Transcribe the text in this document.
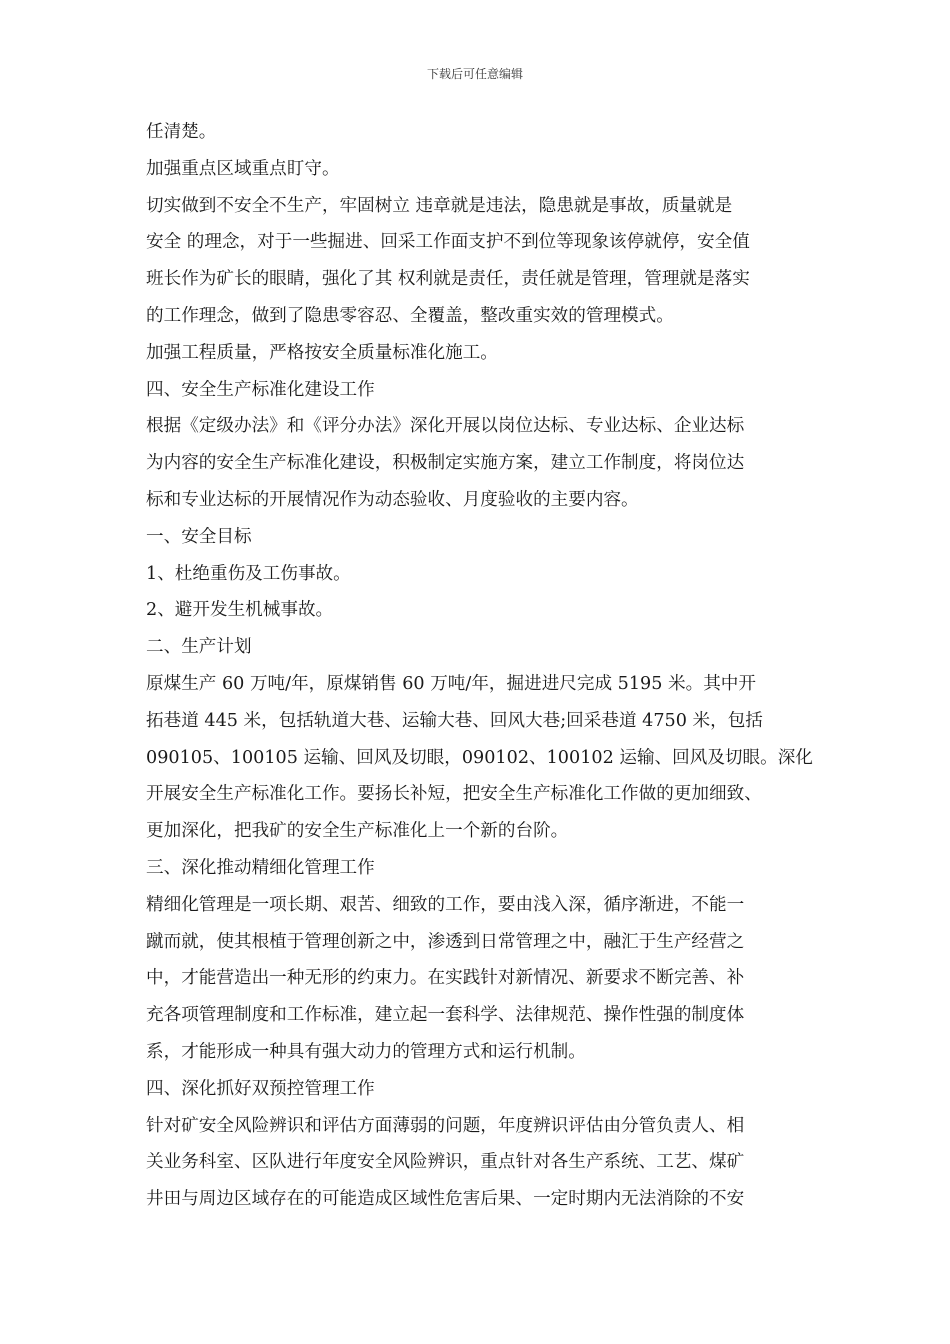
下载后可任意编辑
任清楚。
加强重点区域重点盯守。
切实做到不安全不生产，牢固树立 违章就是违法，隐患就是事故，质量就是
安全 的理念，对于一些掘进、回采工作面支护不到位等现象该停就停，安全值
班长作为矿长的眼睛，强化了其 权利就是责任，责任就是管理，管理就是落实
的工作理念，做到了隐患零容忍、全覆盖，整改重实效的管理模式。
加强工程质量，严格按安全质量标准化施工。
四、安全生产标准化建设工作
根据《定级办法》和《评分办法》深化开展以岗位达标、专业达标、企业达标
为内容的安全生产标准化建设，积极制定实施方案，建立工作制度，将岗位达
标和专业达标的开展情况作为动态验收、月度验收的主要内容。
一、安全目标
1、杜绝重伤及工伤事故。
2、避开发生机械事故。
二、生产计划
原煤生产 60 万吨/年，原煤销售 60 万吨/年，掘进进尺完成 5195 米。其中开
拓巷道 445 米，包括轨道大巷、运输大巷、回风大巷;回采巷道 4750 米，包括
090105、100105 运输、回风及切眼，090102、100102 运输、回风及切眼。深化
开展安全生产标准化工作。要扬长补短，把安全生产标准化工作做的更加细致、
更加深化，把我矿的安全生产标准化上一个新的台阶。
三、深化推动精细化管理工作
精细化管理是一项长期、艰苦、细致的工作，要由浅入深，循序渐进，不能一
蹴而就，使其根植于管理创新之中，渗透到日常管理之中，融汇于生产经营之
中，才能营造出一种无形的约束力。在实践针对新情况、新要求不断完善、补
充各项管理制度和工作标准，建立起一套科学、法律规范、操作性强的制度体
系，才能形成一种具有强大动力的管理方式和运行机制。
四、深化抓好双预控管理工作
针对矿安全风险辨识和评估方面薄弱的问题，年度辨识评估由分管负责人、相
关业务科室、区队进行年度安全风险辨识，重点针对各生产系统、工艺、煤矿
井田与周边区域存在的可能造成区域性危害后果、一定时期内无法消除的不安
